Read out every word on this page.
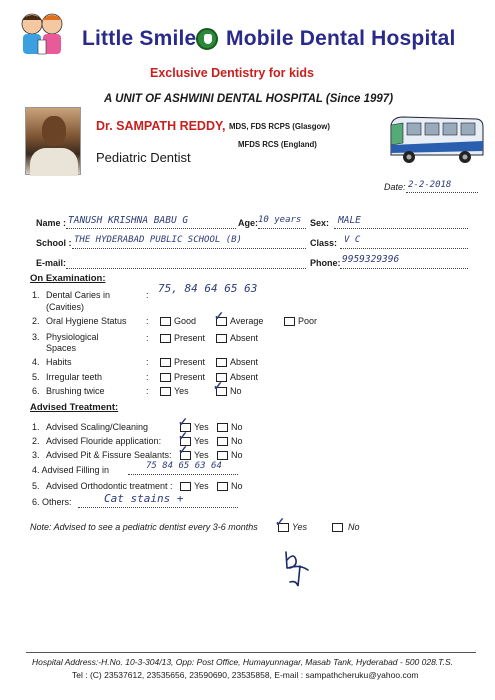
Little Smile Mobile Dental Hospital
Exclusive Dentistry for kids
A UNIT OF ASHWINI DENTAL HOSPITAL (Since 1997)
Dr. SAMPATH REDDY, MDS, FDS RCPS (Glasgow)
MFDS RCS (England)
Pediatric Dentist
Date: 2-2-2018
Name : TANUSH KRISHNA BABU G	Age: 10 years Sex: MALE
School : THE HYDERABAD PUBLIC SCHOOL (B)	Class: V C
E-mail:	Phone: 9959329396
On Examination:
1. Dental Caries in
(Cavities)
: 75, 84 64 65 63
2. Oral Hygiene Status :	Good ✓ Average	Poor
3. Physiological
Spaces
:	Present	Absent
4. Habits	:	Present	Absent
5. Irregular teeth	:	Present	Absent
6. Brushing twice	:	Yes ✓ No
Advised Treatment:
1. Advised Scaling/Cleaning ✓ Yes No
2. Advised Flouride application: ✓ Yes No
3. Advised Pit & Fissure Sealants: ✓ Yes No
4. Advised Filling in	75 84 65 63 64
5. Advised Orthodontic treatment : Yes No
6. Others:	Cat stains +
Note: Advised to see a pediatric dentist every 3-6 months ✓ Yes	No
Hospital Address:-H.No. 10-3-304/13, Opp: Post Office, Humayunnagar, Masab Tank, Hyderabad - 500 028.T.S.
Tel : (C) 23537612, 23535656, 23590690, 23535858, E-mail : sampathcheruku@yahoo.com
